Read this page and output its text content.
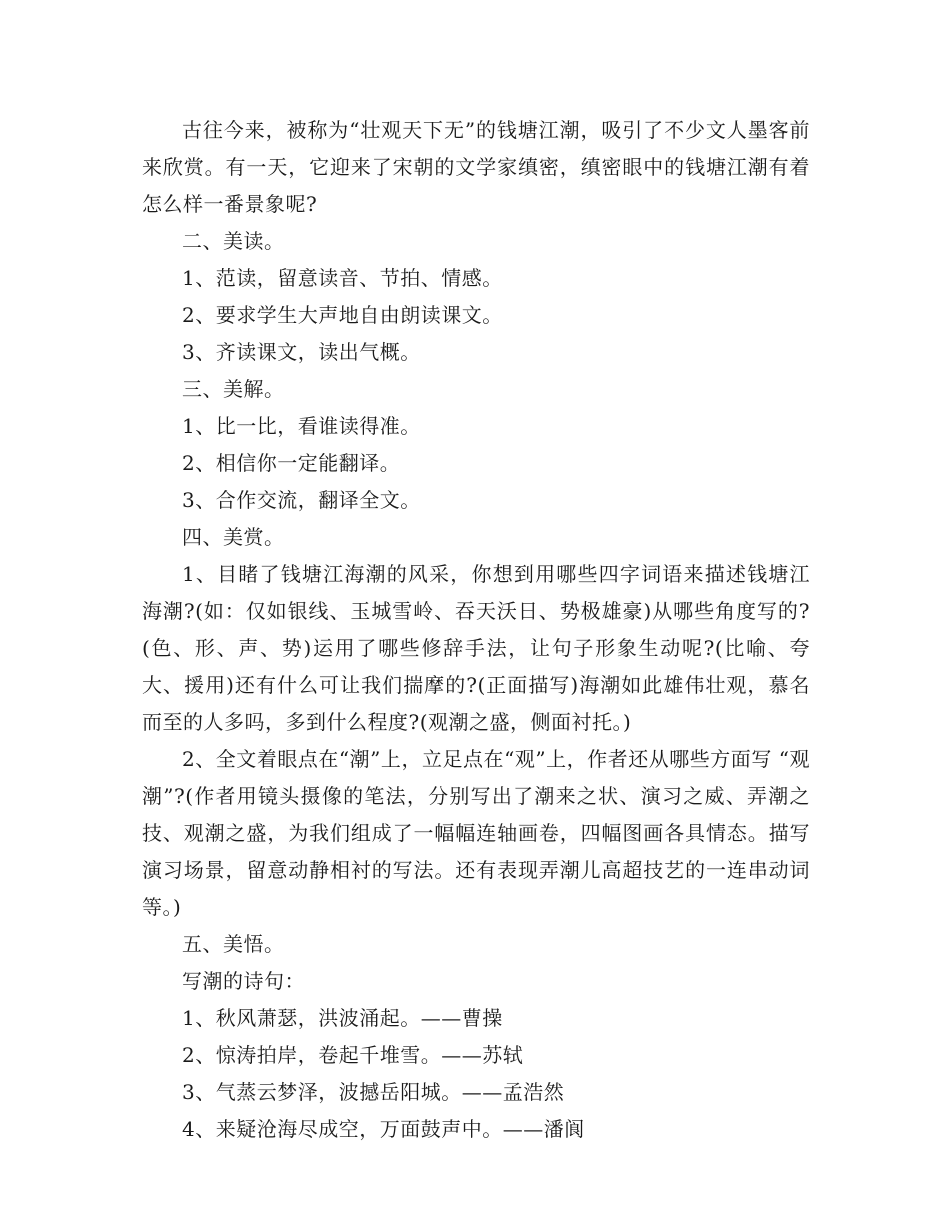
古往今来，被称为“壮观天下无”的钱塘江潮，吸引了不少文人墨客前来欣赏。有一天，它迎来了宋朝的文学家缜密，缜密眼中的钱塘江潮有着怎么样一番景象呢?

二、美读。

1、范读，留意读音、节拍、情感。

2、要求学生大声地自由朗读课文。

3、齐读课文，读出气概。

三、美解。

1、比一比，看谁读得准。

2、相信你一定能翻译。

3、合作交流，翻译全文。

四、美赏。

1、目睹了钱塘江海潮的风采，你想到用哪些四字词语来描述钱塘江海潮?(如：仅如银线、玉城雪岭、吞天沃日、势极雄豪)从哪些角度写的?(色、形、声、势)运用了哪些修辞手法，让句子形象生动呢?(比喻、夸大、援用)还有什么可让我们揣摩的?(正面描写)海潮如此雄伟壮观，慕名而至的人多吗，多到什么程度?(观潮之盛，侧面衬托。)

2、全文着眼点在“潮”上，立足点在“观”上，作者还从哪些方面写 “观潮”?(作者用镜头摄像的笔法，分别写出了潮来之状、演习之威、弄潮之技、观潮之盛，为我们组成了一幅幅连轴画卷，四幅图画各具情态。描写演习场景，留意动静相衬的写法。还有表现弄潮儿高超技艺的一连串动词等。)

五、美悟。

写潮的诗句：

1、秋风萧瑟，洪波涌起。——曹操

2、惊涛拍岸，卷起千堆雪。——苏轼

3、气蒸云梦泽，波撼岳阳城。——孟浩然

4、来疑沧海尽成空，万面鼓声中。——潘阆
